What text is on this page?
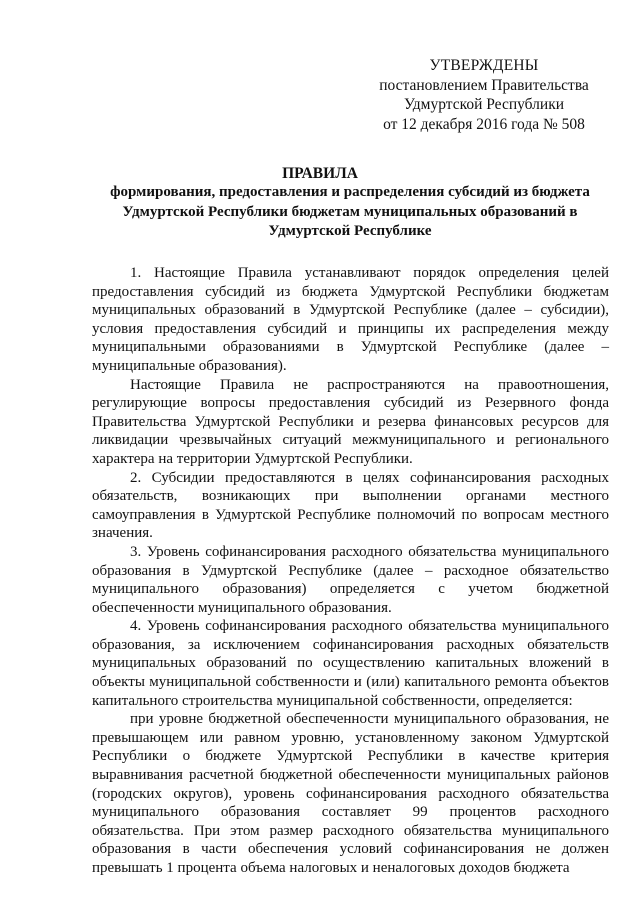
УТВЕРЖДЕНЫ
постановлением Правительства
Удмуртской Республики
от 12 декабря 2016 года № 508
ПРАВИЛА
формирования, предоставления и распределения субсидий из бюджета Удмуртской Республики бюджетам муниципальных образований в Удмуртской Республике

1. Настоящие Правила устанавливают порядок определения целей предоставления субсидий из бюджета Удмуртской Республики бюджетам муниципальных образований в Удмуртской Республике (далее – субсидии), условия предоставления субсидий и принципы их распределения между муниципальными образованиями в Удмуртской Республике (далее – муниципальные образования).

Настоящие Правила не распространяются на правоотношения, регулирующие вопросы предоставления субсидий из Резервного фонда Правительства Удмуртской Республики и резерва финансовых ресурсов для ликвидации чрезвычайных ситуаций межмуниципального и регионального характера на территории Удмуртской Республики.

2. Субсидии предоставляются в целях софинансирования расходных обязательств, возникающих при выполнении органами местного самоуправления в Удмуртской Республике полномочий по вопросам местного значения.

3. Уровень софинансирования расходного обязательства муниципального образования в Удмуртской Республике (далее – расходное обязательство муниципального образования) определяется с учетом бюджетной обеспеченности муниципального образования.

4. Уровень софинансирования расходного обязательства муниципального образования, за исключением софинансирования расходных обязательств муниципальных образований по осуществлению капитальных вложений в объекты муниципальной собственности и (или) капитального ремонта объектов капитального строительства муниципальной собственности, определяется:

при уровне бюджетной обеспеченности муниципального образования, не превышающем или равном уровню, установленному законом Удмуртской Республики о бюджете Удмуртской Республики в качестве критерия выравнивания расчетной бюджетной обеспеченности муниципальных районов (городских округов), уровень софинансирования расходного обязательства муниципального образования составляет 99 процентов расходного обязательства. При этом размер расходного обязательства муниципального образования в части обеспечения условий софинансирования не должен превышать 1 процента объема налоговых и неналоговых доходов бюджета
